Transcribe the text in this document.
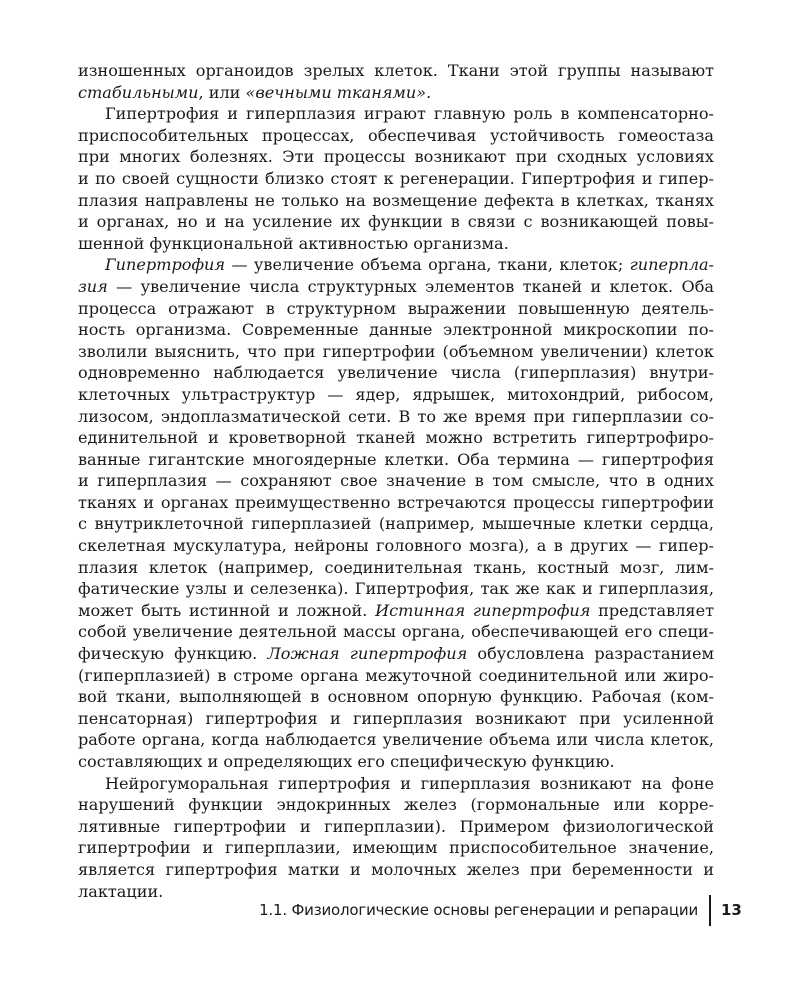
изношенных органоидов зрелых клеток. Ткани этой группы называют
стабильными, или «вечными тканями».
Гипертрофия и гиперплазия играют главную роль в компенсаторно-
приспособительных процессах, обеспечивая устойчивость гомеостаза
при многих болезнях. Эти процессы возникают при сходных условиях
и по своей сущности близко стоят к регенерации. Гипертрофия и гипер-
плазия направлены не только на возмещение дефекта в клетках, тканях
и органах, но и на усиление их функции в связи с возникающей повы-
шенной функциональной активностью организма.
Гипертрофия — увеличение объема органа, ткани, клеток; гиперпла-
зия — увеличение числа структурных элементов тканей и клеток. Оба
процесса отражают в структурном выражении повышенную деятель-
ность организма. Современные данные электронной микроскопии по-
зволили выяснить, что при гипертрофии (объемном увеличении) клеток
одновременно наблюдается увеличение числа (гиперплазия) внутри-
клеточных ультраструктур — ядер, ядрышек, митохондрий, рибосом,
лизосом, эндоплазматической сети. В то же время при гиперплазии со-
единительной и кроветворной тканей можно встретить гипертрофиро-
ванные гигантские многоядерные клетки. Оба термина — гипертрофия
и гиперплазия — сохраняют свое значение в том смысле, что в одних
тканях и органах преимущественно встречаются процессы гипертрофии
с внутриклеточной гиперплазией (например, мышечные клетки сердца,
скелетная мускулатура, нейроны головного мозга), а в других — гипер-
плазия клеток (например, соединительная ткань, костный мозг, лим-
фатические узлы и селезенка). Гипертрофия, так же как и гиперплазия,
может быть истинной и ложной. Истинная гипертрофия представляет
собой увеличение деятельной массы органа, обеспечивающей его специ-
фическую функцию. Ложная гипертрофия обусловлена разрастанием
(гиперплазией) в строме органа межуточной соединительной или жиро-
вой ткани, выполняющей в основном опорную функцию. Рабочая (ком-
пенсаторная) гипертрофия и гиперплазия возникают при усиленной
работе органа, когда наблюдается увеличение объема или числа клеток,
составляющих и определяющих его специфическую функцию.
Нейрогуморальная гипертрофия и гиперплазия возникают на фоне
нарушений функции эндокринных желез (гормональные или корре-
лятивные гипертрофии и гиперплазии). Примером физиологической
гипертрофии и гиперплазии, имеющим приспособительное значение,
является гипертрофия матки и молочных желез при беременности и
лактации.
1.1. Физиологические основы регенерации и репарации 13
